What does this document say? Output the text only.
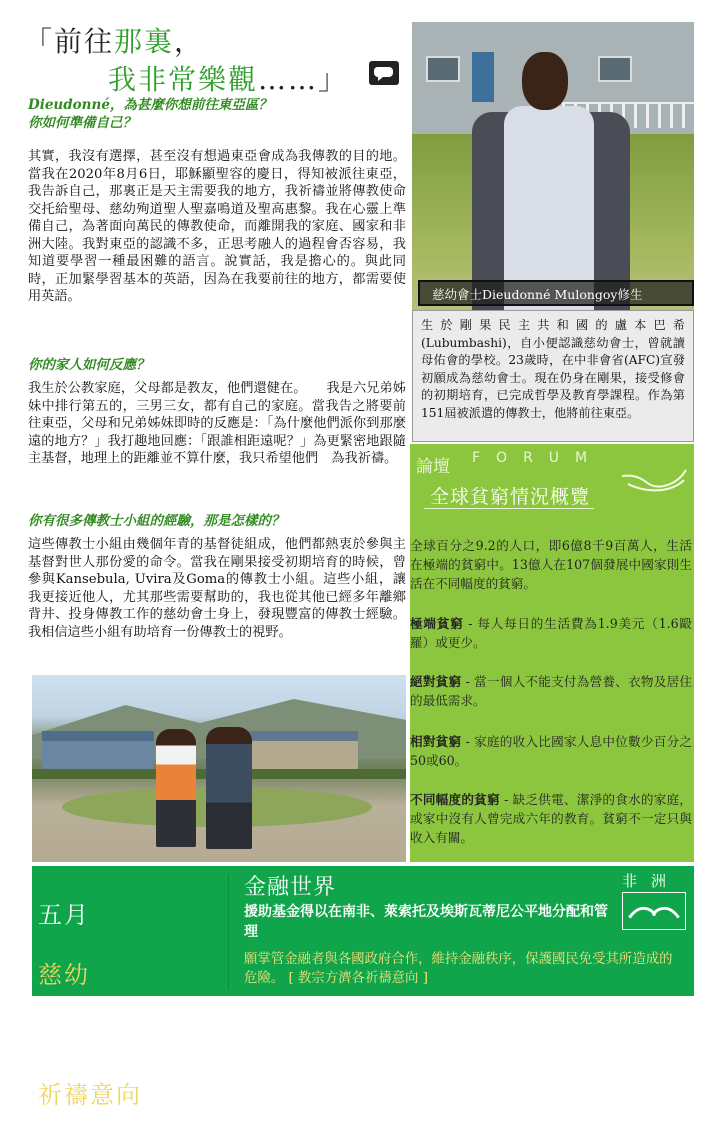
「前往那裏，
我非常樂觀……」
Dieudonné，為甚麼你想前往東亞區？
你如何準備自己？
其實，我沒有選擇，甚至沒有想過東亞會成為我傳教的目的地。當我在2020年8月6日，耶穌顯聖容的慶日，得知被派往東亞，我告訴自己，那裏正是天主需要我的地方，我祈禱並將傳教使命交托給聖母、慈幼殉道聖人聖嘉鳴道及聖高惠黎。我在心靈上準備自己，為著面向萬民的傳教使命，而離開我的家庭、國家和非洲大陸。我對東亞的認識不多，正思考融人的過程會否容易，我知道要學習一種最困難的語言。說實話，我是擔心的。與此同時，正加緊學習基本的英語，因為在我要前往的地方，都需要使用英語。
你的家人如何反應？
我生於公教家庭，父母都是教友，他們還健在。　　我是六兄弟姊妹中排行第五的，三男三女，都有自己的家庭。當我告之將要前往東亞，父母和兄弟姊妹即時的反應是：「為什麼他們派你到那麼遠的地方？」我打趣地回應：「跟誰相距遠呢？」為更緊密地跟隨主基督，地理上的距離並不算什麼，我只希望他們　為我祈禱。
你有很多傳教士小組的經驗，那是怎樣的？
這些傳教士小組由幾個年青的基督徒組成，他們都熱衷於參與主基督對世人那份愛的命令。當我在剛果接受初期培育的時候，曾參與Kansebula, Uvira及Goma的傳教士小組。這些小組，讓我更接近他人，尤其那些需要幫助的，我也從其他已經多年離鄉背井、投身傳教工作的慈幼會士身上，發現豐富的傳教士經驗。我相信這些小組有助培育一份傳教士的視野。
慈幼會士Dieudonné Mulongoy修生
生於剛果民主共和國的盧本巴希(Lubumbashi)，自小便認識慈幼會士，曾就讀母佑會的學校。23歲時，在中非會省(AFC)宣發初願成為慈幼會士。現在仍身在剛果，接受修會的初期培育，已完成哲學及教育學課程。作為第151屆被派遣的傳教士，他將前往東亞。
論壇 FORUM
全球貧窮情況概覽
全球百分之9.2的人口，即6億8千9百萬人，生活在極端的貧窮中。13億人在107個發展中國家則生活在不同幅度的貧窮。
極端貧窮 - 每人每日的生活費為1.9美元（1.6毆羅）或更少。
絕對貧窮 - 當一個人不能支付為營養、衣物及居住的最低需求。
相對貧窮 - 家庭的收入比國家人息中位數少百分之50或60。
不同幅度的貧窮 - 缺乏供電、潔淨的食水的家庭，或家中沒有人曾完成六年的教育。貧窮不一定只與收入有關。

五月

慈幼

傳教

祈禱意向

金融世界
援助基金得以在南非、萊索托及埃斯瓦蒂尼公平地分配和管理
願掌管金融者與各國政府合作，維持金融秩序，保護國民免受其所造成的危險。 [ 教宗方濟各祈禱意向 ]
非洲
